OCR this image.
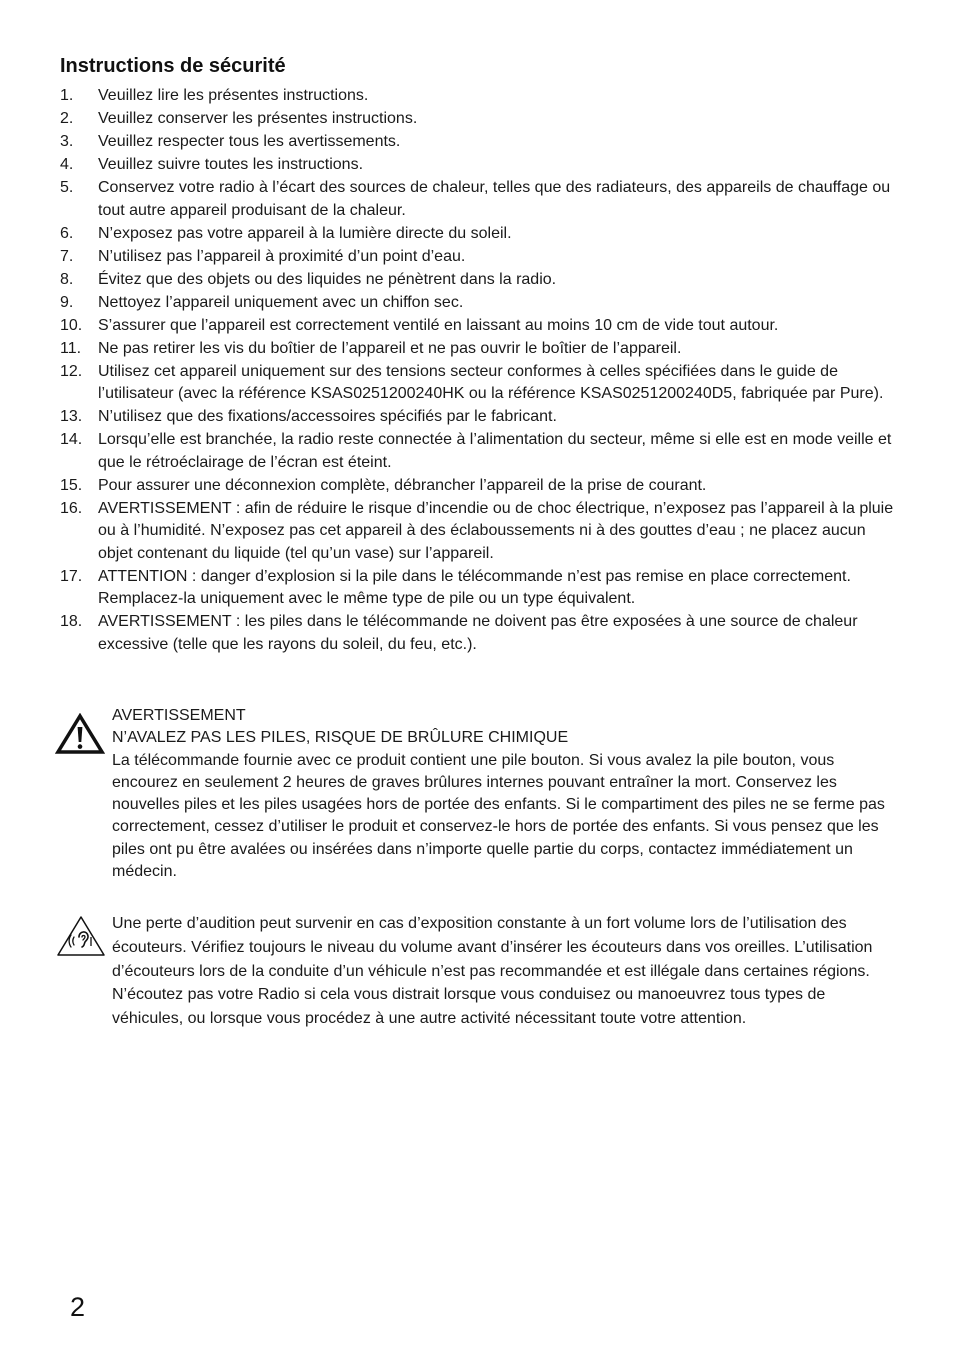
Instructions de sécurité
1.	Veuillez lire les présentes instructions.
2.	Veuillez conserver les présentes instructions.
3.	Veuillez respecter tous les avertissements.
4.	Veuillez suivre toutes les instructions.
5.	Conservez votre radio à l’écart des sources de chaleur, telles que des radiateurs, des appareils de chauffage ou tout autre appareil produisant de la chaleur.
6.	N’exposez pas votre appareil à la lumière directe du soleil.
7.	N’utilisez pas l’appareil à proximité d’un point d’eau.
8.	Évitez que des objets ou des liquides ne pénètrent dans la radio.
9.	Nettoyez l’appareil uniquement avec un chiffon sec.
10. S’assurer que l’appareil est correctement ventilé en laissant au moins 10 cm de vide tout autour.
11.	Ne pas retirer les vis du boîtier de l’appareil et ne pas ouvrir le boîtier de l’appareil.
12. Utilisez cet appareil uniquement sur des tensions secteur conformes à celles spécifiées dans le guide de l’utilisateur (avec la référence KSAS0251200240HK ou la référence KSAS0251200240D5, fabriquée par Pure).
13. N’utilisez que des fixations/accessoires spécifiés par le fabricant.
14. Lorsqu’elle est branchée, la radio reste connectée à l’alimentation du secteur, même si elle est en mode veille et que le rétroéclairage de l’écran est éteint.
15. Pour assurer une déconnexion complète, débrancher l’appareil de la prise de courant.
16. AVERTISSEMENT : afin de réduire le risque d’incendie ou de choc électrique, n’exposez pas l’appareil à la pluie ou à l’humidité. N’exposez pas cet appareil à des éclaboussements ni à des gouttes d’eau ; ne placez aucun objet contenant du liquide (tel qu’un vase) sur l’appareil.
17. ATTENTION : danger d’explosion si la pile dans le télécommande n’est pas remise en place correctement. Remplacez-la uniquement avec le même type de pile ou un type équivalent.
18. AVERTISSEMENT : les piles dans le télécommande ne doivent pas être exposées à une source de chaleur excessive (telle que les rayons du soleil, du feu, etc.).
AVERTISSEMENT
N’AVALEZ PAS LES PILES, RISQUE DE BRÛLURE CHIMIQUE
La télécommande fournie avec ce produit contient une pile bouton. Si vous avalez la pile bouton, vous encourez en seulement 2 heures de graves brûlures internes pouvant entraîner la mort. Conservez les nouvelles piles et les piles usagées hors de portée des enfants. Si le compartiment des piles ne se ferme pas correctement, cessez d’utiliser le produit et conservez-le hors de portée des enfants. Si vous pensez que les piles ont pu être avalées ou insérées dans n’importe quelle partie du corps, contactez immédiatement un médecin.
Une perte d’audition peut survenir en cas d’exposition constante à un fort volume lors de l’utilisation des écouteurs. Vérifiez toujours le niveau du volume avant d’insérer les écouteurs dans vos oreilles. L’utilisation d’écouteurs lors de la conduite d’un véhicule n’est pas recommandée et est illégale dans certaines régions. N’écoutez pas votre Radio si cela vous distrait lorsque vous conduisez ou manoeuvrez tous types de véhicules, ou lorsque vous procédez à une autre activité nécessitant toute votre attention.
2
